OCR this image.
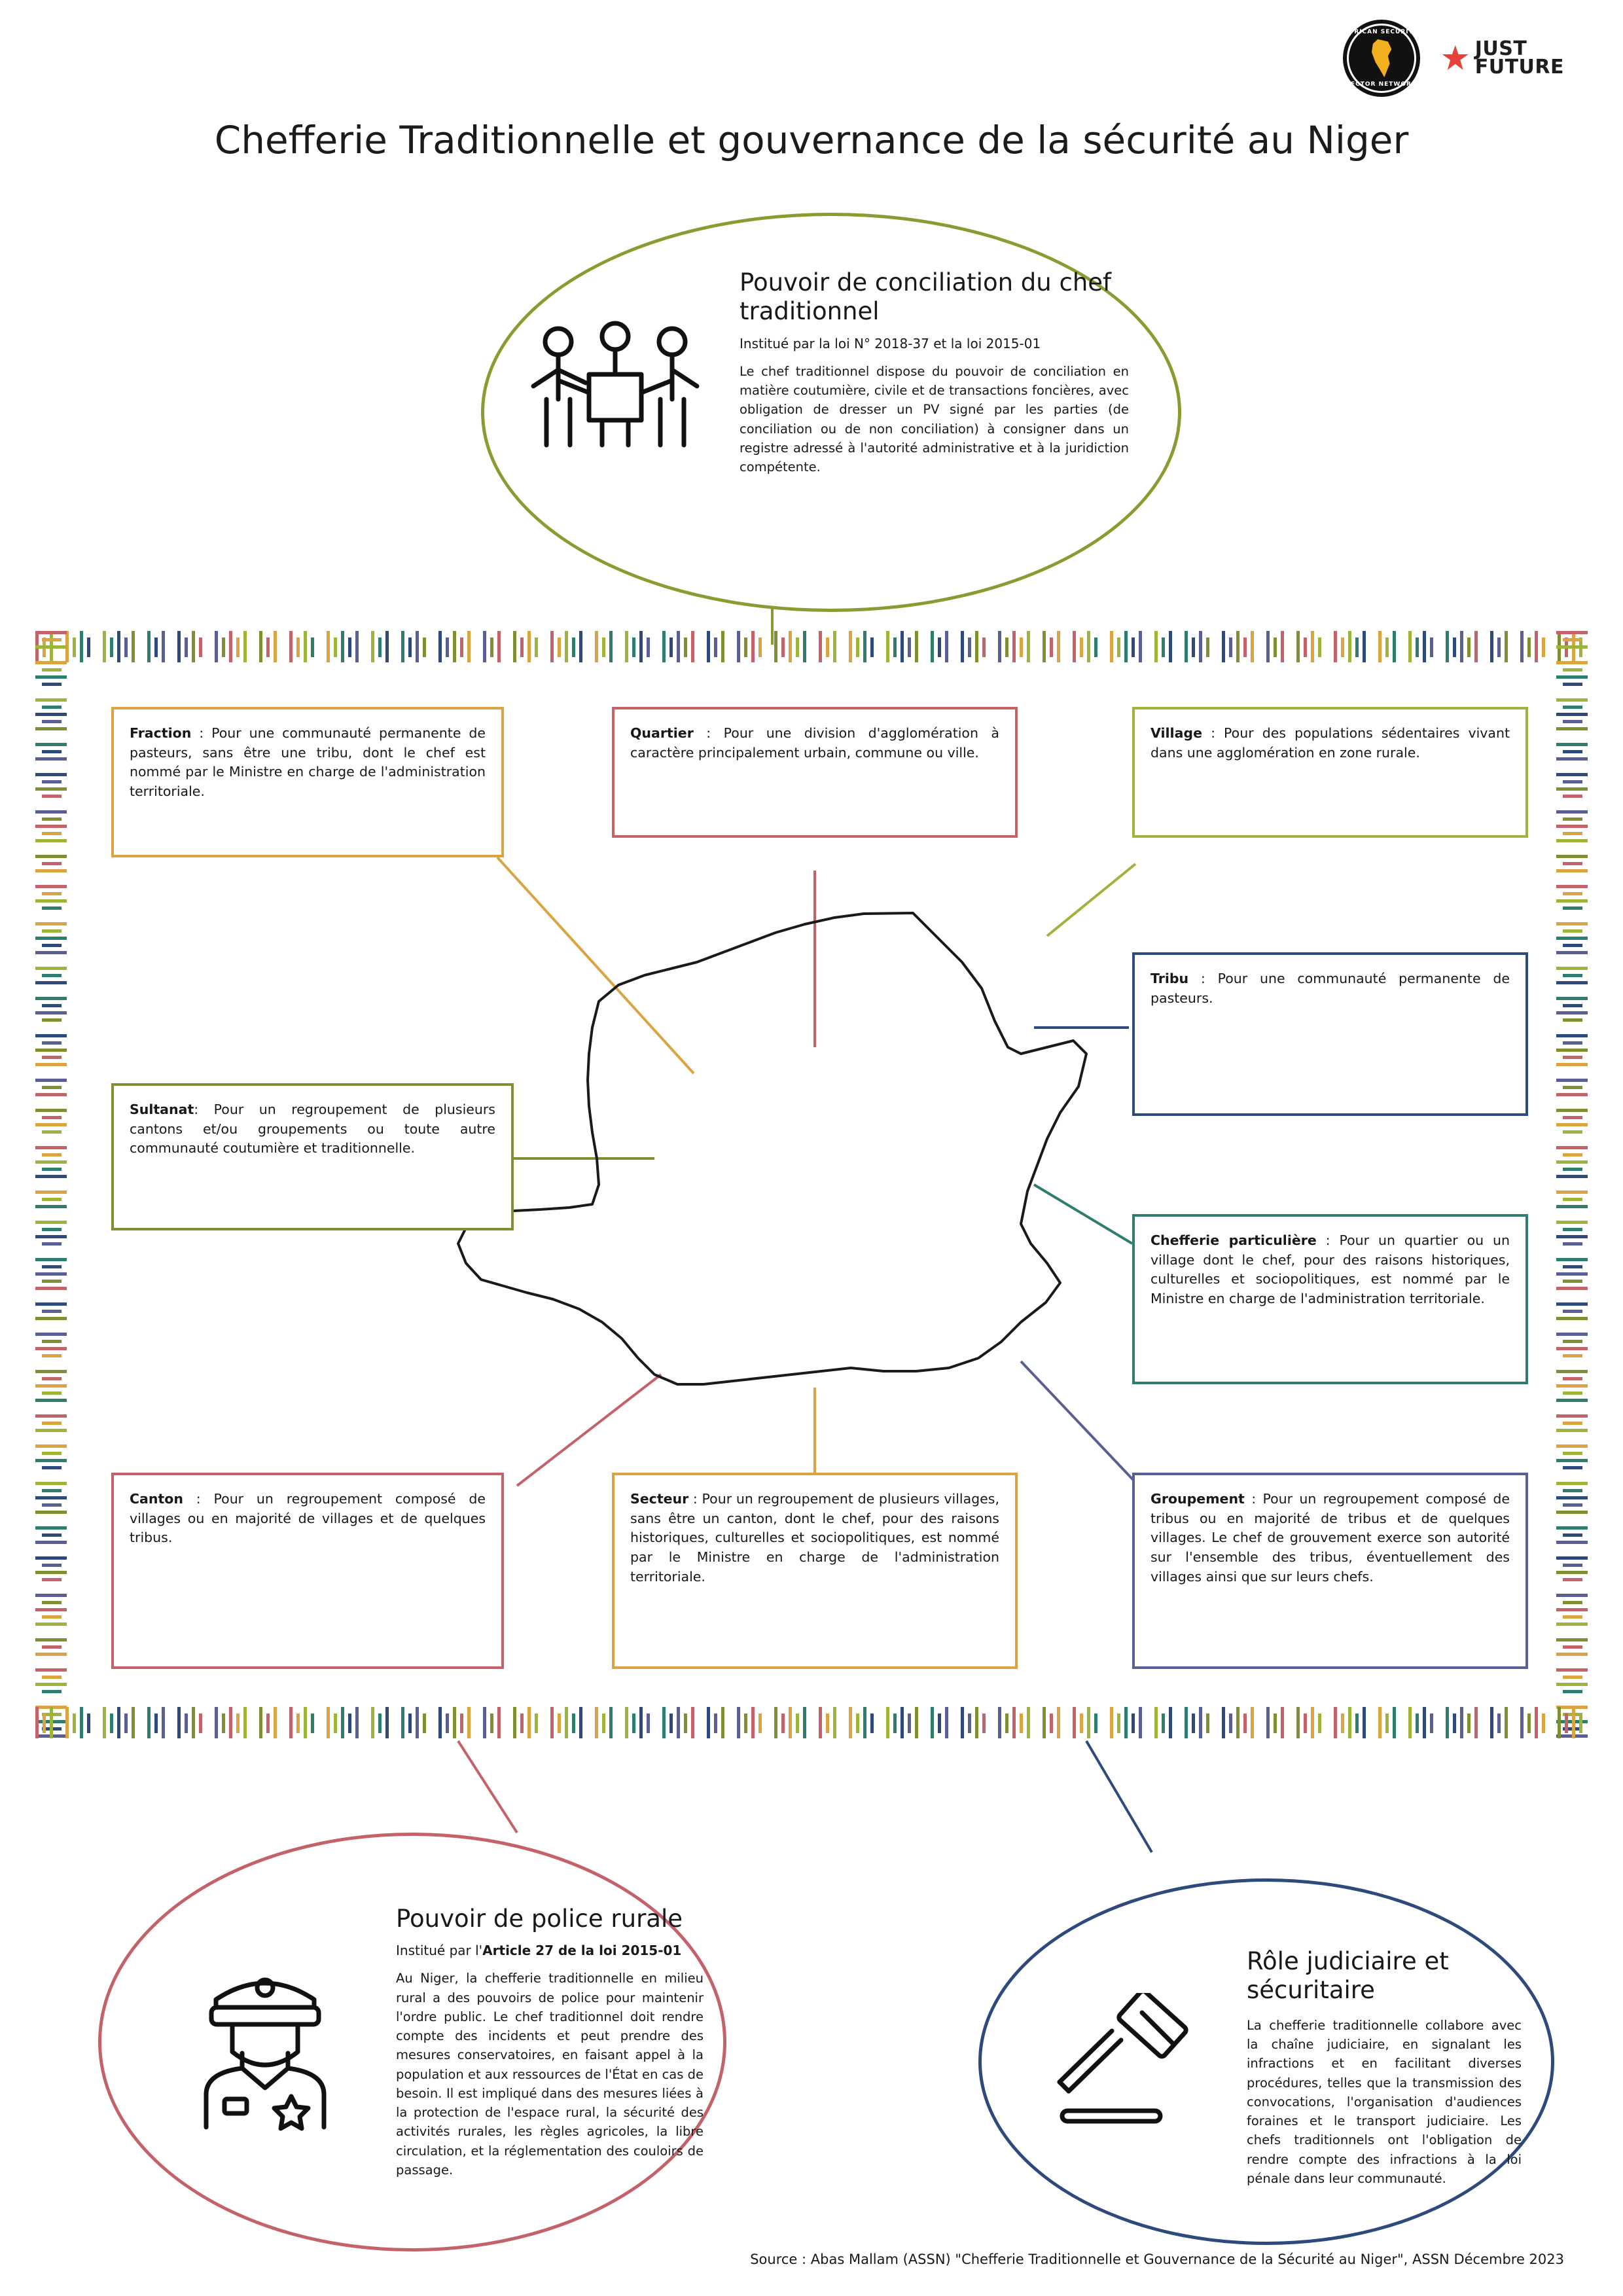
AFRICAN SECURITY
SECTOR NETWORK
JUST
FUTURE
Chefferie Traditionnelle et gouvernance de la sécurité au Niger
Pouvoir de conciliation du chef traditionnel
Institué par la loi N° 2018-37 et la loi 2015-01
Le chef traditionnel dispose du pouvoir de conciliation en matière coutumière, civile et de transactions foncières, avec obligation de dresser un PV signé par les parties (de conciliation ou de non conciliation) à consigner dans un registre adressé à l'autorité administrative et à la juridiction compétente.
Fraction : Pour une communauté permanente de pasteurs, sans être une tribu, dont le chef est nommé par le Ministre en charge de l'administration territoriale.
Quartier : Pour une division d'agglomération à caractère principalement urbain, commune ou ville.
Village : Pour des populations sédentaires vivant dans une agglomération en zone rurale.
Tribu : Pour une communauté permanente de pasteurs.
Sultanat: Pour un regroupement de plusieurs cantons et/ou groupements ou toute autre communauté coutumière et traditionnelle.
Chefferie particulière : Pour un quartier ou un village dont le chef, pour des raisons historiques, culturelles et sociopolitiques, est nommé par le Ministre en charge de l'administration territoriale.
Canton : Pour un regroupement composé de villages ou en majorité de villages et de quelques tribus.
Secteur : Pour un regroupement de plusieurs villages, sans être un canton, dont le chef, pour des raisons historiques, culturelles et sociopolitiques, est nommé par le Ministre en charge de l'administration territoriale.
Groupement : Pour un regroupement composé de tribus ou en majorité de tribus et de quelques villages. Le chef de grouvement exerce son autorité sur l'ensemble des tribus, éventuellement des villages ainsi que sur leurs chefs.
Pouvoir de police rurale
Institué par l'Article 27 de la loi 2015-01
Au Niger, la chefferie traditionnelle en milieu rural a des pouvoirs de police pour maintenir l'ordre public. Le chef traditionnel doit rendre compte des incidents et peut prendre des mesures conservatoires, en faisant appel à la population et aux ressources de l'État en cas de besoin. Il est impliqué dans des mesures liées à la protection de l'espace rural, la sécurité des activités rurales, les règles agricoles, la libre circulation, et la réglementation des couloirs de passage.
Rôle judiciaire et sécuritaire
La chefferie traditionnelle collabore avec la chaîne judiciaire, en signalant les infractions et en facilitant diverses procédures, telles que la transmission des convocations, l'organisation d'audiences foraines et le transport judiciaire. Les chefs traditionnels ont l'obligation de rendre compte des infractions à la loi pénale dans leur communauté.
Source : Abas Mallam (ASSN) "Chefferie Traditionnelle et Gouvernance de la Sécurité au Niger", ASSN Décembre 2023
